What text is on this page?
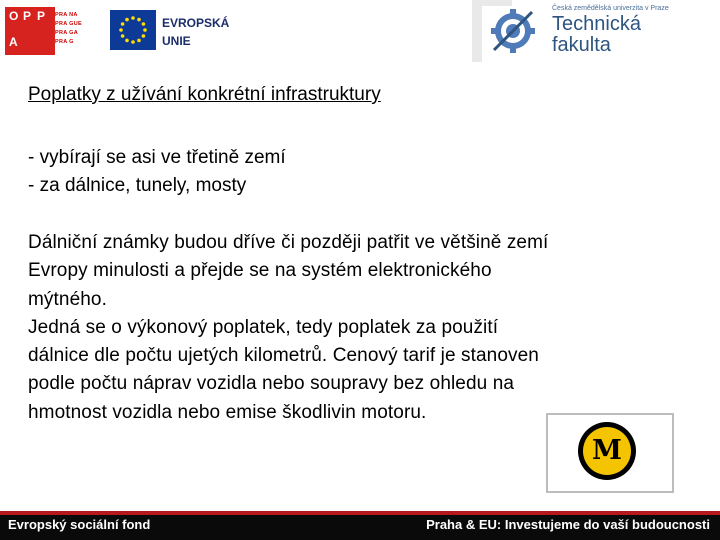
O P P
A
PRA NA
PRA GUE
PRA GA
PRA G
EVROPSKÁ
UNIE
Česká zemědělská univerzita v Praze
Technická
fakulta
Poplatky z užívání konkrétní infrastruktury
- vybírají se asi ve třetině zemí
- za dálnice, tunely, mosty
Dálniční známky budou dříve či později patřit ve většině zemí
Evropy minulosti a přejde se na systém elektronického
mýtného.
Jedná se o výkonový poplatek, tedy poplatek za použití
dálnice dle počtu ujetých kilometrů. Cenový tarif je stanoven
podle počtu náprav vozidla nebo soupravy bez ohledu na
hmotnost vozidla nebo emise škodlivin motoru.
M
Evropský sociální fond	Praha & EU: Investujeme do vaší budoucnosti
